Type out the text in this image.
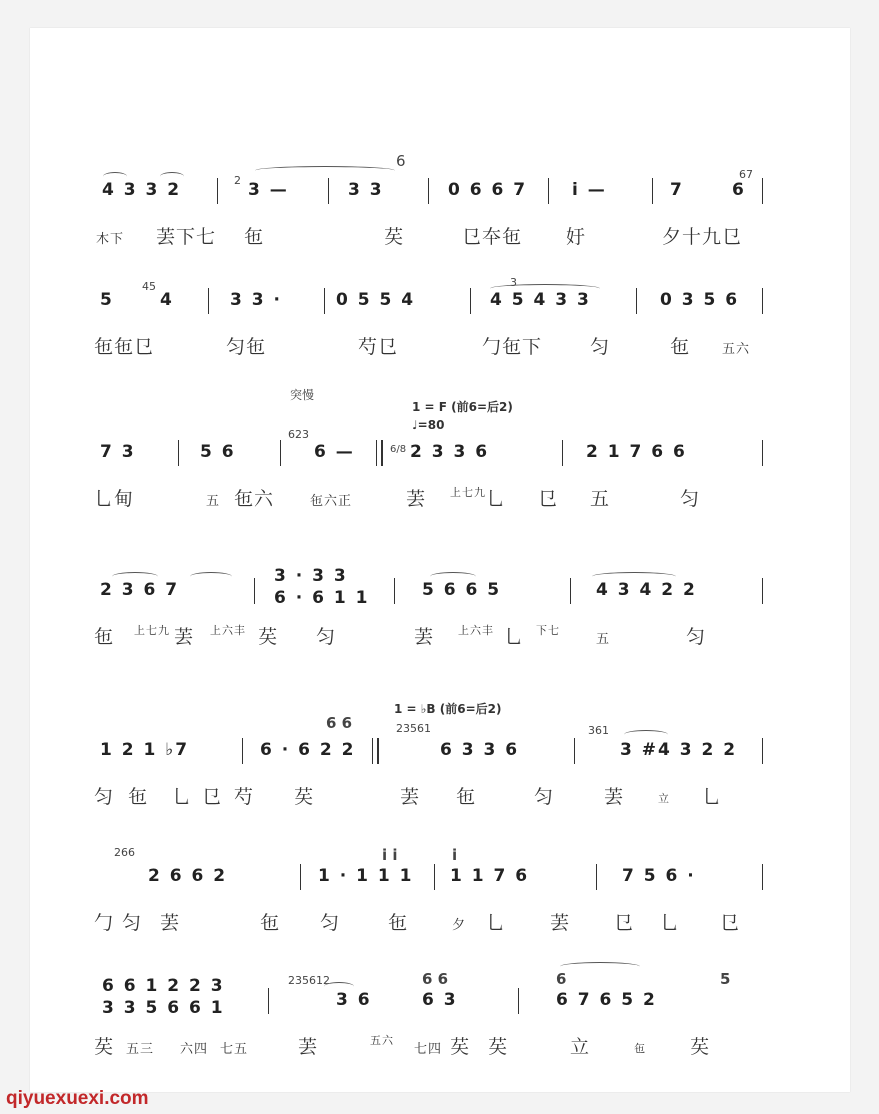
6
67
4 3 3 2	2 3 —	3 3	0 6 6 7	i —	7	6
木下 䒧下七 㐌	䒨	㔾夲㐌 㚥	夕十九㔾
45	3
5	4	3 3 ·	0 5 5 4	4 5 4 3 3	0 3 5 6
㐌㐌㔾	匀㐌	芍㔾	勹㐌下	匀	㐌 五六
突慢
623
1 = F (前6=后2)
♩=80
7 3	5 6	6 —	6/8 2 3 3 6	2 1 7 6 6
乚甸	五 㐌六	㐌六正	䒧 上七九 乚 㔾 五	匀
2 3 6 7
3 · 3 3
6 · 6 1 1	5 6 6 5	4 3 4 2 2
㐌 上七九 䒧 上六丰 䒨 匀	䒧 上六丰 乚 下七
五	匀
1 = ♭B (前6=后2)
6 6	23561	361
1 2 1 ♭7	6 · 6 2 2	6 3 3 6	3 #4 3 2 2
匀 㐌 乚 㔾 芍 䒨	䒧 㐌	匀	䒧	立 乚
266	i i	i
2 6 6 2	1 · 1 1 1 1 1 7 6	7 5 6 ·
勹 匀 䒧	㐌 匀	㐌	夕 乚 䒧 㔾 乚 㔾
235612	6 6	6	5
6 6 1 2 2 3
3 3 5 6 6 1	3 6	6 3	6 7 6 5 2
䒨 五三 六四 七五	䒧	五六
七四 䒨 䒨	立	㐌 䒨
qiyuexuexi.com
